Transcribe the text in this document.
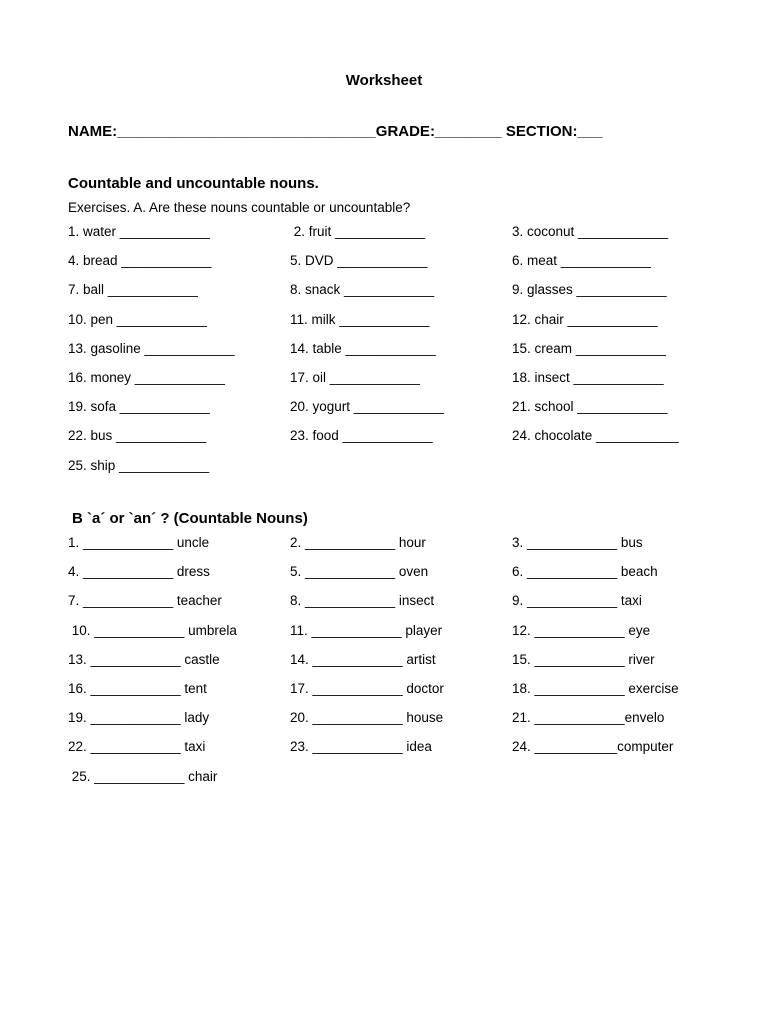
Worksheet
NAME:_______________________________GRADE:________ SECTION:___
Countable and uncountable nouns.
Exercises. A. Are these nouns countable or uncountable?
1. water ____________	2. fruit ____________	3. coconut ____________
4. bread ____________	5. DVD ____________	6. meat ____________
7. ball ____________	8. snack ____________	9. glasses ____________
10. pen ____________	11. milk ____________	12. chair ____________
13. gasoline ____________	14. table ____________	15. cream ____________
16. money ____________	17. oil ____________	18. insect ____________
19. sofa ____________	20. yogurt ____________	21. school ____________
22. bus ____________	23. food ____________	24. chocolate ___________
25. ship ____________
B `a´ or `an´ ? (Countable Nouns)
1. ____________ uncle	2. ____________ hour	3. ____________ bus
4. ____________ dress	5. ____________ oven	6. ____________ beach
7. ____________ teacher	8. ____________ insect	9. ____________ taxi
10. ____________ umbrela	11. ____________ player	12. ____________ eye
13. ____________ castle	14. ____________ artist	15. ____________ river
16. ____________ tent	17. ____________ doctor	18. ____________ exercise
19. ____________ lady	20. ____________ house	21. ____________envelo
22. ____________ taxi	23. ____________ idea	24. ___________computer
25. ____________ chair
